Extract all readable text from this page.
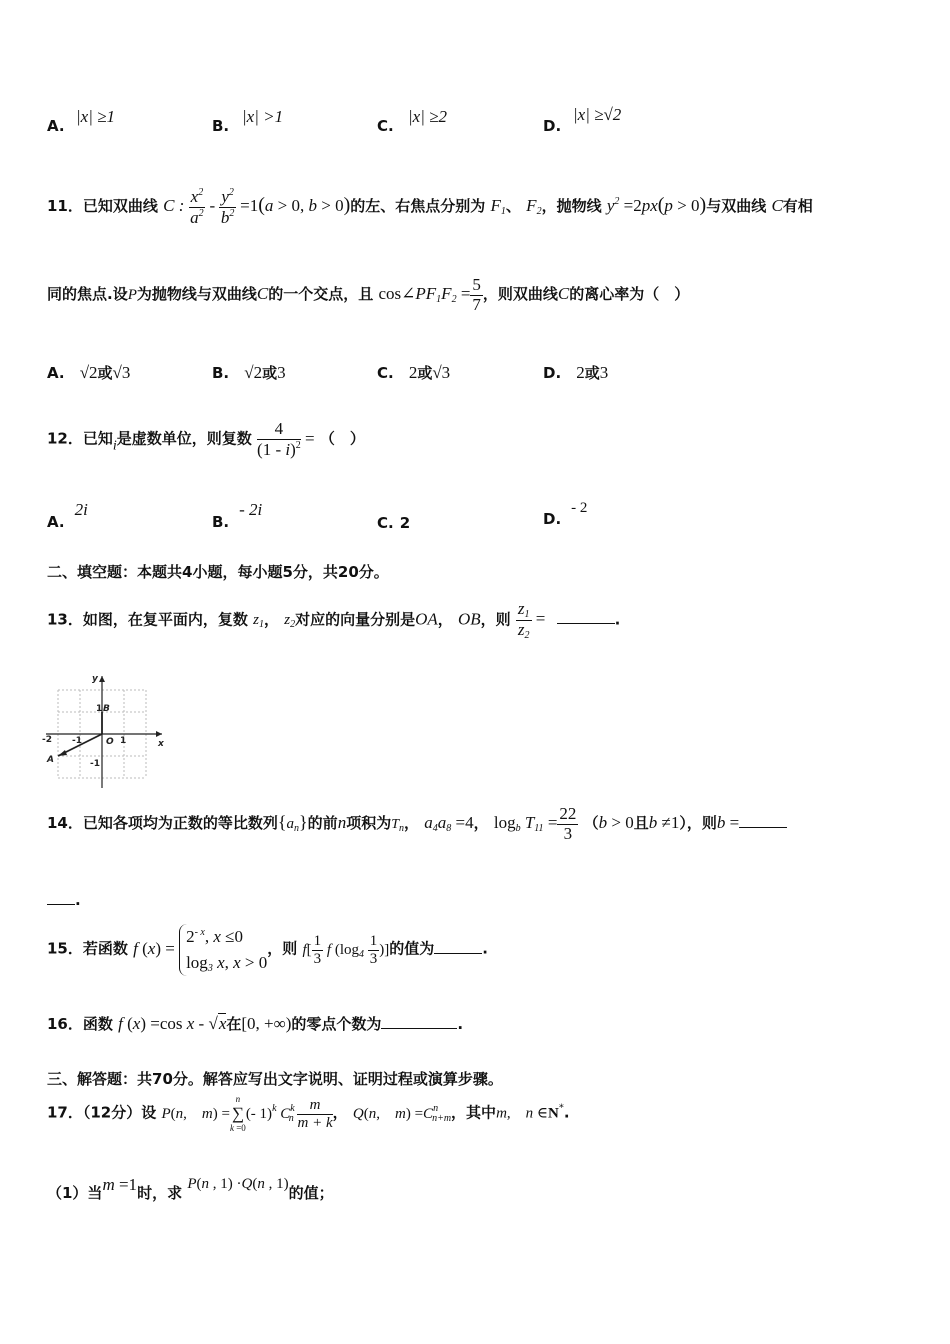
A. |x| ≥1	B. |x| >1	C. |x| ≥2	D.
|x| ≥√2
11．已知双曲线 C : $\frac{x^2}{a^2} - \frac{y^2}{b^2} =1(a > 0$, b > 0)的左、右焦点分别为 $F_1$、 $F_2$，抛物线 $y^2 =2px(p > 0)$与双曲线 C有相
同的焦点.设P为抛物线与双曲线C的一个交点，且 $\cos\angle PF_1F_2 = \frac{5}{7}$ ，则双曲线C的离心率为（　）
A. √2或√3	B. √2或3	C. 2或√3	D. 2或3
12．已知i是虚数单位，则复数 $\frac{4}{(1 - i)^2}$ = （　）
A.2i
B.- 2i
C. 2	D.- 2
二、填空题：本题共4小题，每小题5分，共20分。
13．如图，在复平面内，复数 $z_1$， $z_2$对应的向量分别是OA， OB，则 $\frac{z_1}{z_2}$ =	.
y
x
1 B
O 1
-2 -1
-1
A
14．已知各项均为正数的等比数列$\{a_n\}$的前n项积为$T_n$， $a_4a_8 =4$， $\log_b T_{11} = \frac{22}{3} (b > 0$且b ≠1），则b =
.
15．若函数 f (x) =
$2^{- x}$, x ≤0
$\log_3 x$, x > 0
，则 $f[ \frac{1}{3}$ f ($\log_4 \frac{1}{3}$ )]的值为	.
16．函数 f (x) =cos x - √x在[0, +∞)的零点个数为	.
三、解答题：共70分。解答应写出文字说明、证明过程或演算步骤。
17．（12分）设 P(n,　m) =
n
∑
k =0
(- 1)$^k$ $C^k_n \frac{m}{m + k}$ ， Q(n,　$m) =C^n_{n+m}$，其中m,　n ∈N*.
（1）当m =1时，求 P(n , 1) ·Q(n , 1)的值；
